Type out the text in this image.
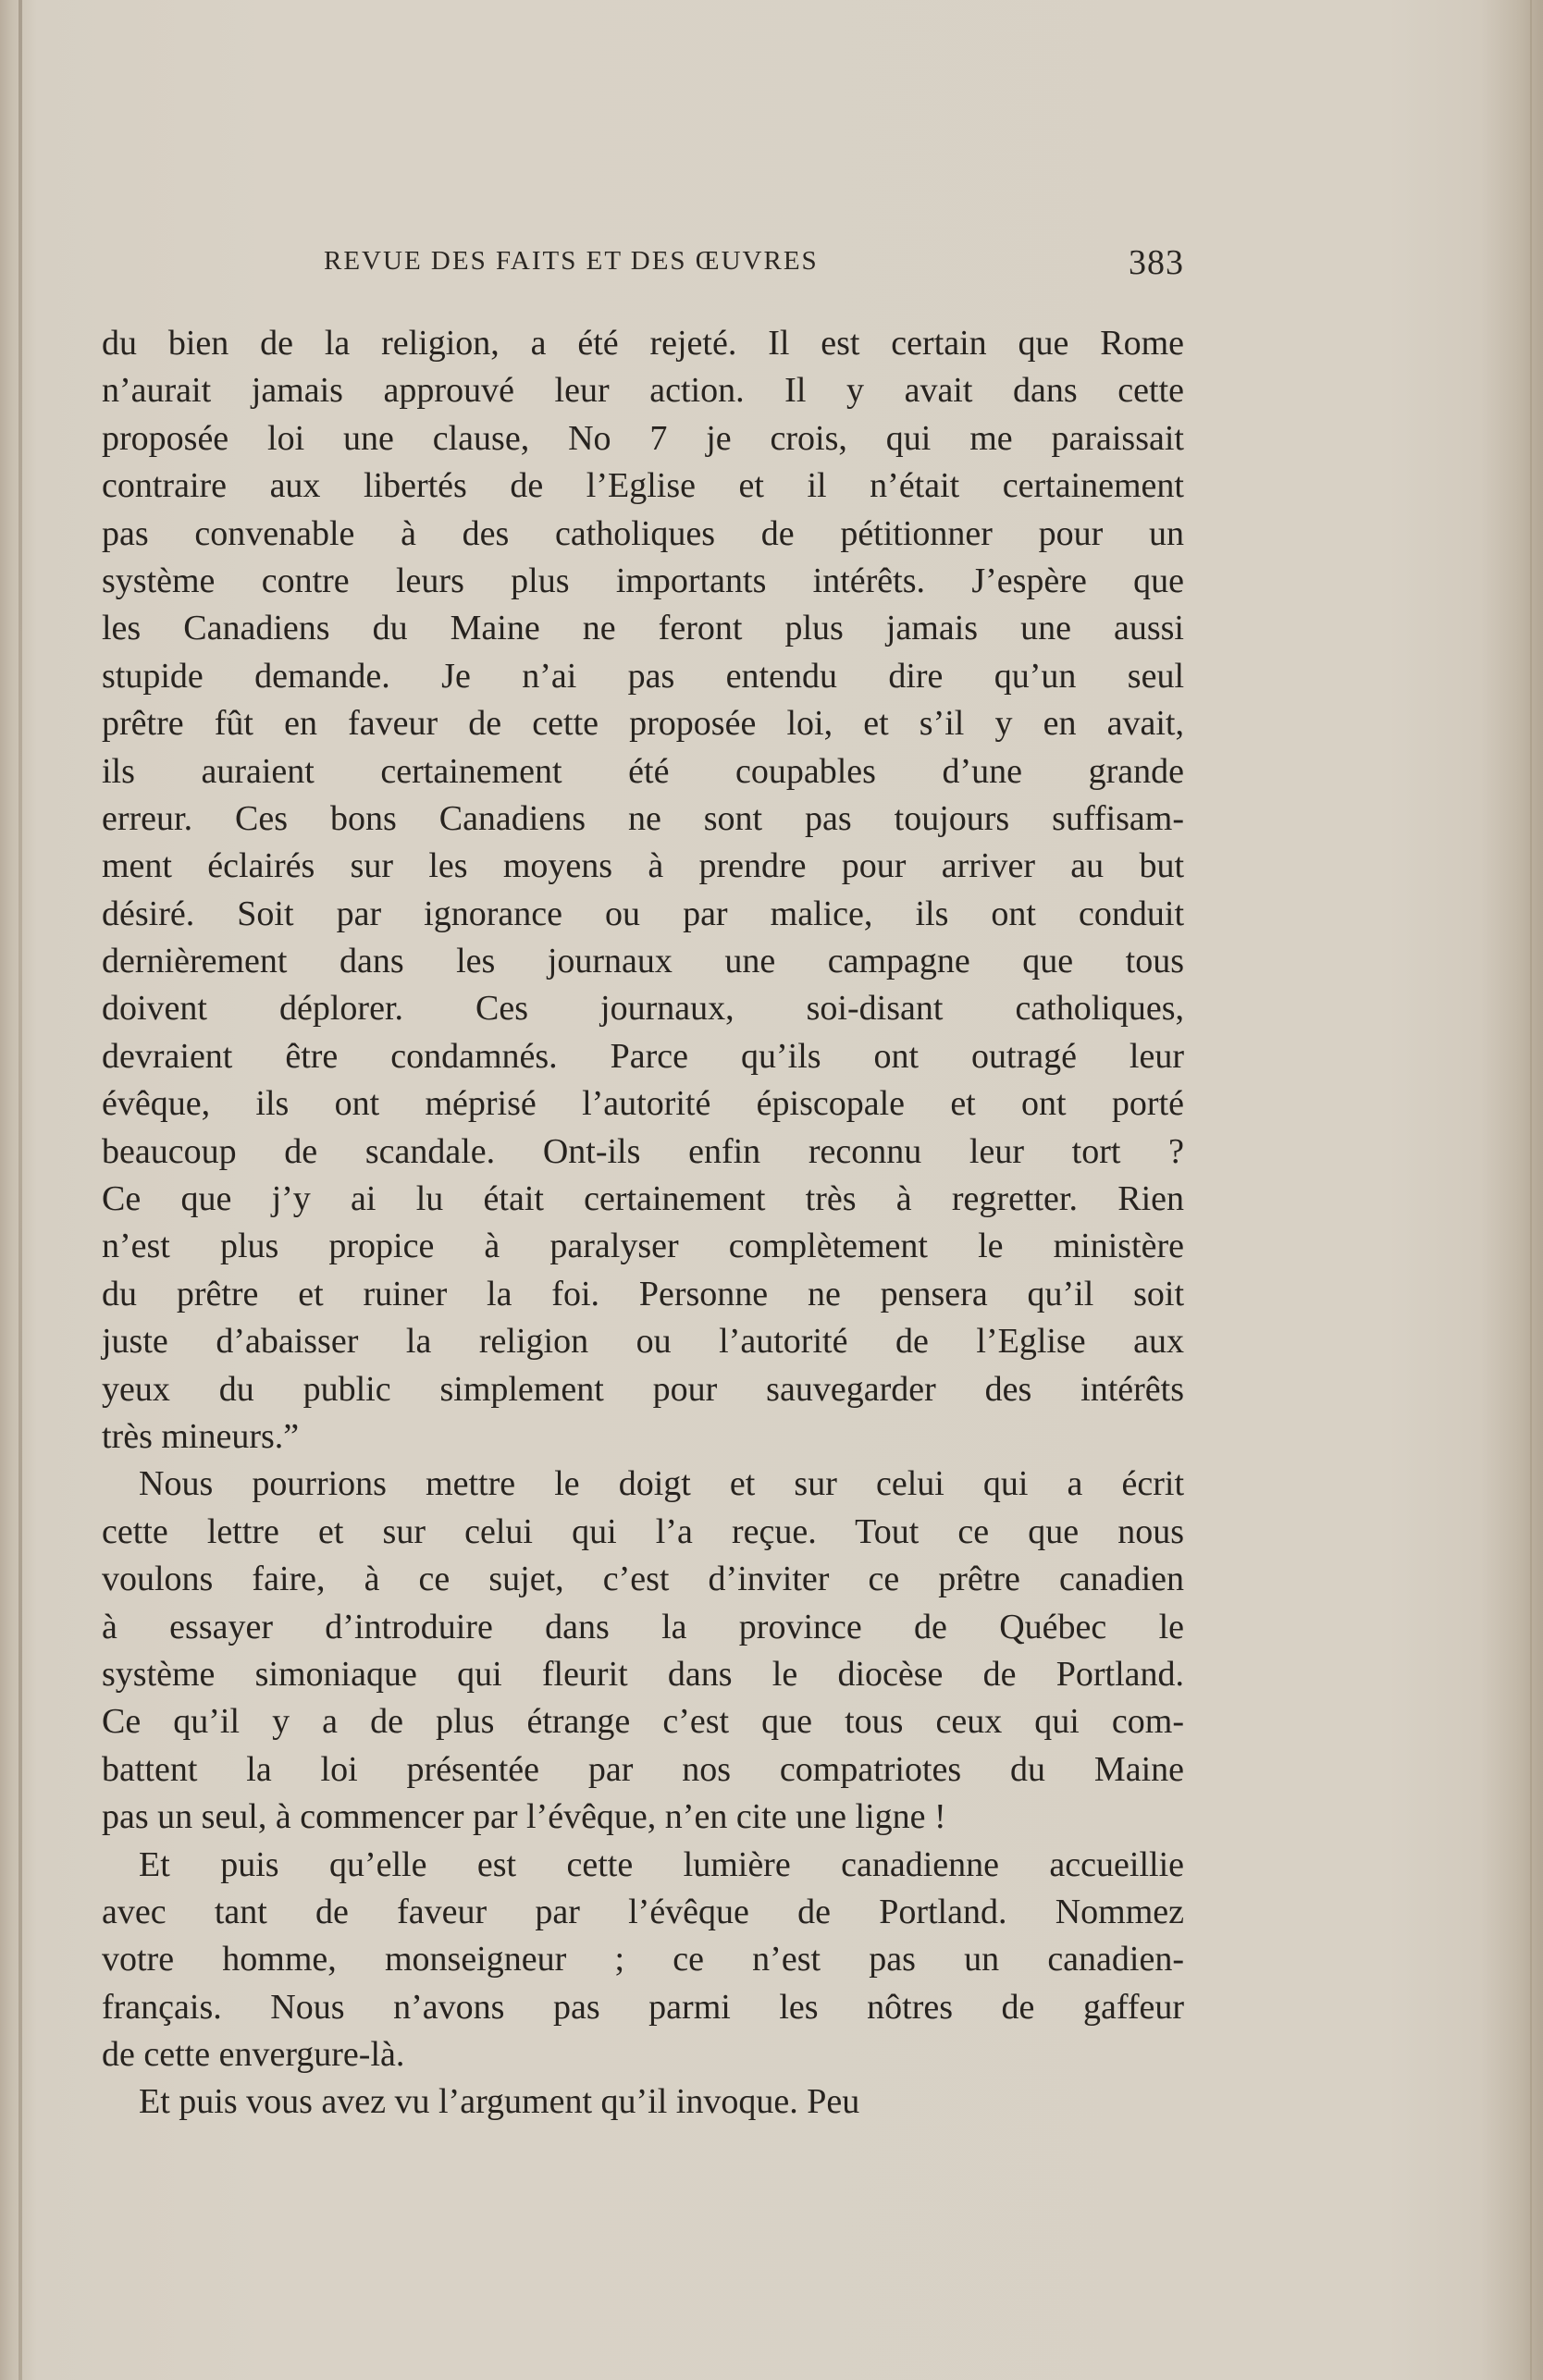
REVUE DES FAITS ET DES ŒUVRES	383
du bien de la religion, a été rejeté. Il est certain que Rome
n’aurait jamais approuvé leur action. Il y avait dans cette
proposée loi une clause, No 7 je crois, qui me paraissait
contraire aux libertés de l’Eglise et il n’était certainement
pas convenable à des catholiques de pétitionner pour un
système contre leurs plus importants intérêts. J’espère que
les Canadiens du Maine ne feront plus jamais une aussi
stupide demande. Je n’ai pas entendu dire qu’un seul
prêtre fût en faveur de cette proposée loi, et s’il y en avait,
ils auraient certainement été coupables d’une grande
erreur. Ces bons Canadiens ne sont pas toujours suffisam-
ment éclairés sur les moyens à prendre pour arriver au but
désiré. Soit par ignorance ou par malice, ils ont conduit
dernièrement dans les journaux une campagne que tous
doivent déplorer. Ces journaux, soi-disant catholiques,
devraient être condamnés. Parce qu’ils ont outragé leur
évêque, ils ont méprisé l’autorité épiscopale et ont porté
beaucoup de scandale. Ont-ils enfin reconnu leur tort ?
Ce que j’y ai lu était certainement très à regretter. Rien
n’est plus propice à paralyser complètement le ministère
du prêtre et ruiner la foi. Personne ne pensera qu’il soit
juste d’abaisser la religion ou l’autorité de l’Eglise aux
yeux du public simplement pour sauvegarder des intérêts
très mineurs.”
Nous pourrions mettre le doigt et sur celui qui a écrit
cette lettre et sur celui qui l’a reçue. Tout ce que nous
voulons faire, à ce sujet, c’est d’inviter ce prêtre canadien
à essayer d’introduire dans la province de Québec le
système simoniaque qui fleurit dans le diocèse de Portland.
Ce qu’il y a de plus étrange c’est que tous ceux qui com-
battent la loi présentée par nos compatriotes du Maine
pas un seul, à commencer par l’évêque, n’en cite une ligne !
Et puis qu’elle est cette lumière canadienne accueillie
avec tant de faveur par l’évêque de Portland. Nommez
votre homme, monseigneur ; ce n’est pas un canadien-
français. Nous n’avons pas parmi les nôtres de gaffeur
de cette envergure-là.
Et puis vous avez vu l’argument qu’il invoque. Peu
